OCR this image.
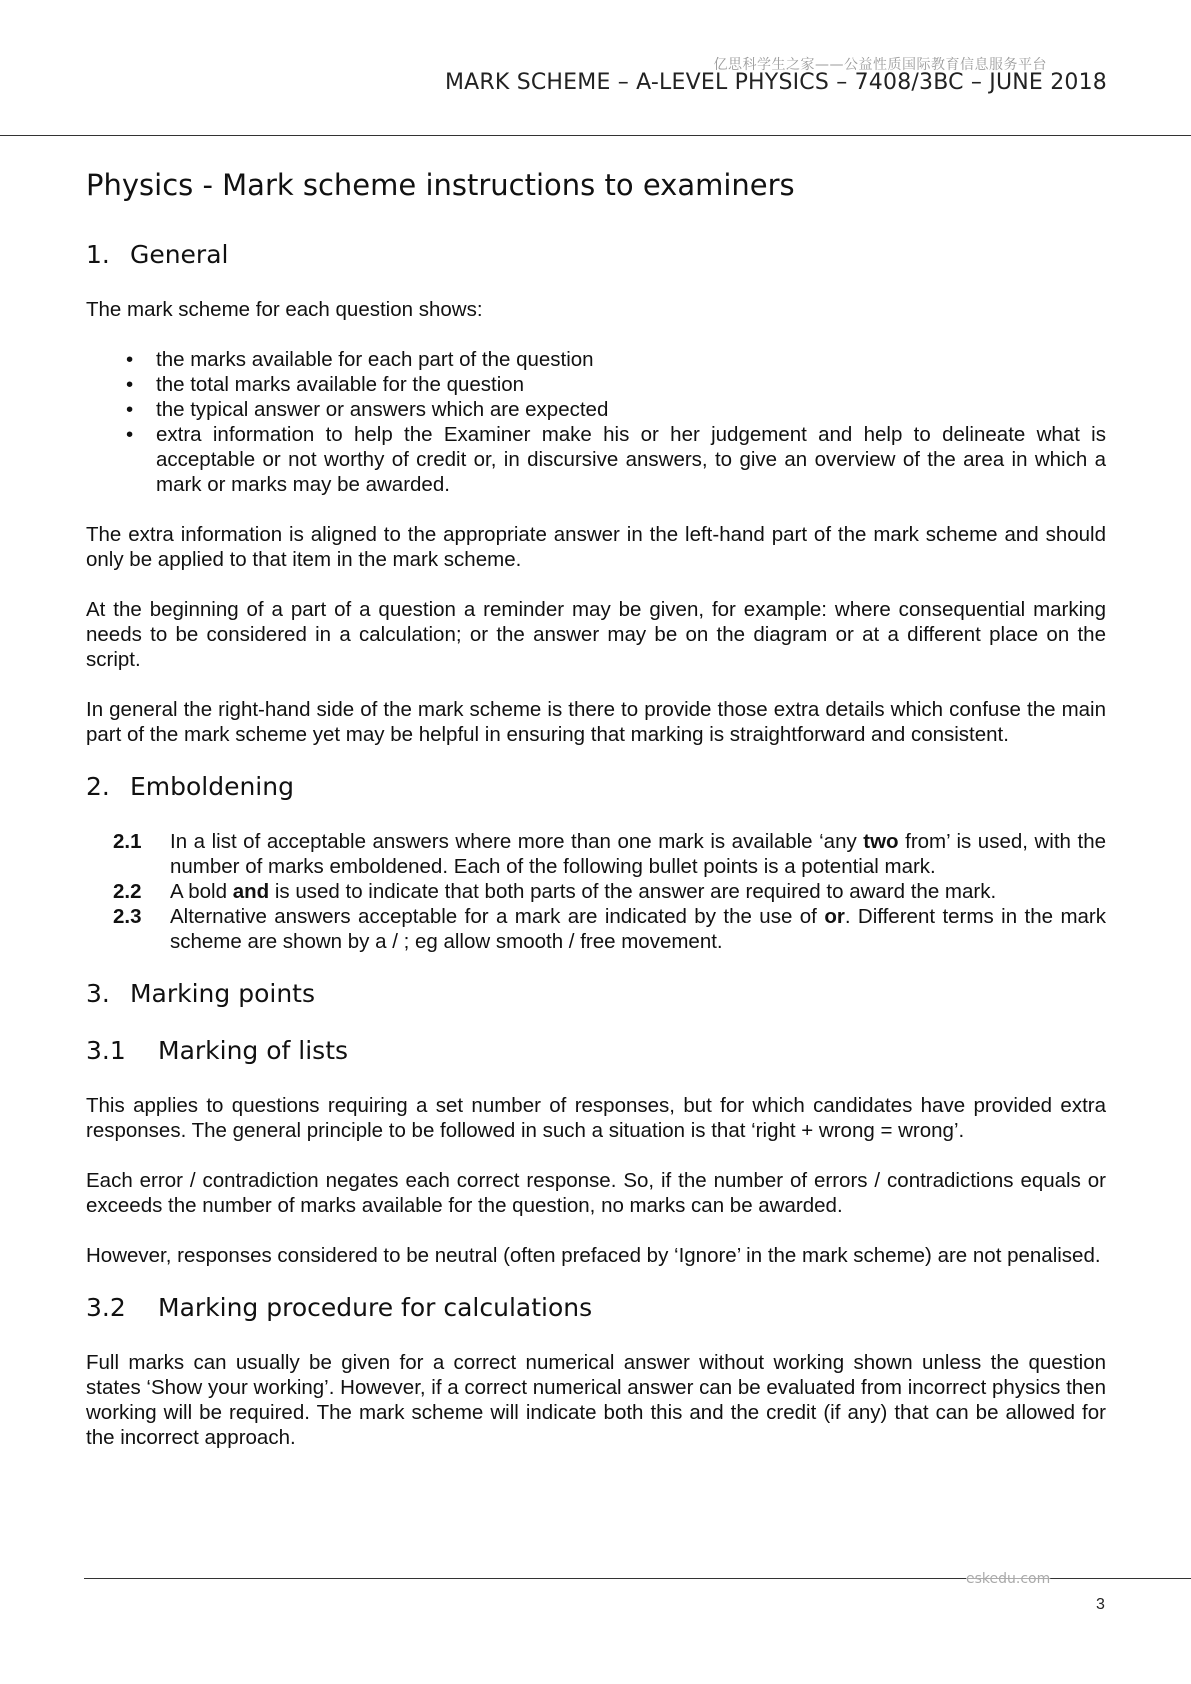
亿思科学生之家——公益性质国际教育信息服务平台
MARK SCHEME – A-LEVEL PHYSICS – 7408/3BC – JUNE 2018
Physics - Mark scheme instructions to examiners
1. General

The mark scheme for each question shows:

• the marks available for each part of the question
• the total marks available for the question
• the typical answer or answers which are expected
• extra information to help the Examiner make his or her judgement and help to delineate what is acceptable or not worthy of credit or, in discursive answers, to give an overview of the area in which a mark or marks may be awarded.

The extra information is aligned to the appropriate answer in the left-hand part of the mark scheme and should only be applied to that item in the mark scheme.

At the beginning of a part of a question a reminder may be given, for example: where consequential marking needs to be considered in a calculation; or the answer may be on the diagram or at a different place on the script.

In general the right-hand side of the mark scheme is there to provide those extra details which confuse the main part of the mark scheme yet may be helpful in ensuring that marking is straightforward and consistent.

2. Emboldening
2.1	In a list of acceptable answers where more than one mark is available ‘any two from’ is used, with the number of marks emboldened. Each of the following bullet points is a potential mark.
2.2	A bold and is used to indicate that both parts of the answer are required to award the mark.
2.3	Alternative answers acceptable for a mark are indicated by the use of or. Different terms in the mark scheme are shown by a / ; eg allow smooth / free movement.
3. Marking points
3.1 Marking of lists

This applies to questions requiring a set number of responses, but for which candidates have provided extra responses. The general principle to be followed in such a situation is that ‘right + wrong = wrong’.

Each error / contradiction negates each correct response. So, if the number of errors / contradictions equals or exceeds the number of marks available for the question, no marks can be awarded.

However, responses considered to be neutral (often prefaced by ‘Ignore’ in the mark scheme) are not penalised.

3.2 Marking procedure for calculations

Full marks can usually be given for a correct numerical answer without working shown unless the question states ‘Show your working’. However, if a correct numerical answer can be evaluated from incorrect physics then working will be required. The mark scheme will indicate both this and the credit (if any) that can be allowed for the incorrect approach.

eskedu.com
3
